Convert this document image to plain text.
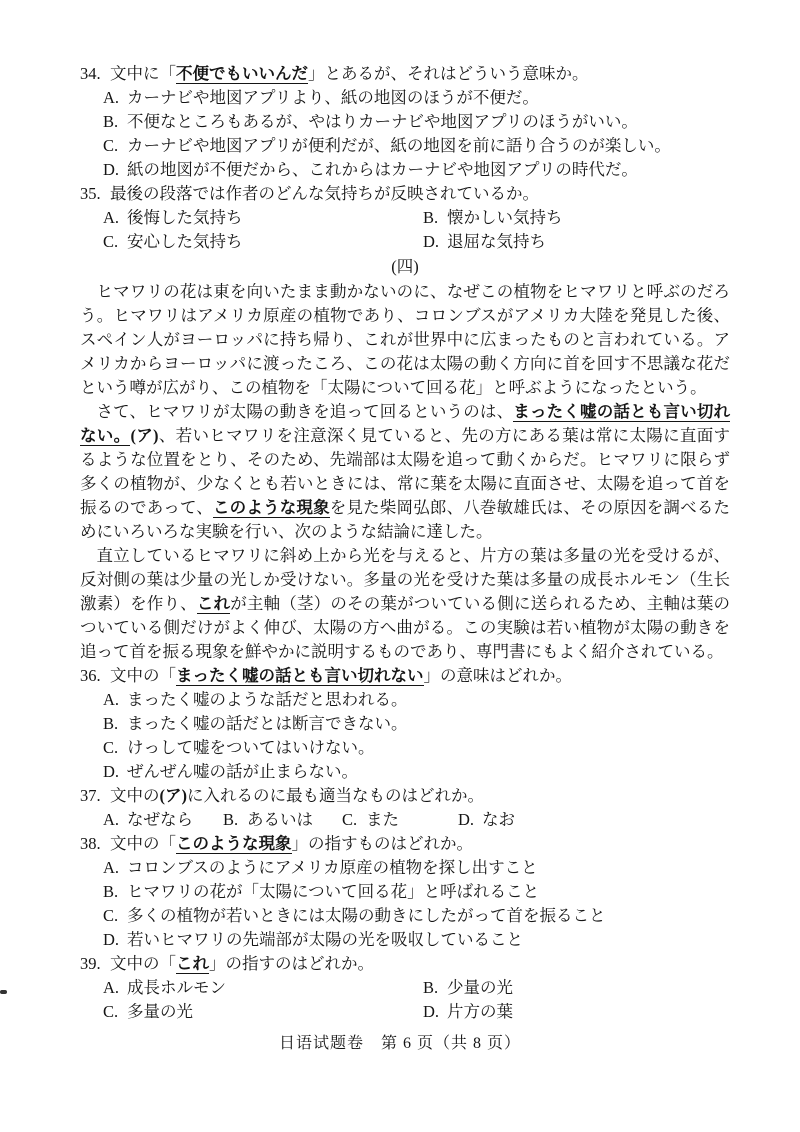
34. 文中に「不便でもいいんだ」とあるが、それはどういう意味か。
A. カーナビや地図アプリより、紙の地図のほうが不便だ。
B. 不便なところもあるが、やはりカーナビや地図アプリのほうがいい。
C. カーナビや地図アプリが便利だが、紙の地図を前に語り合うのが楽しい。
D. 紙の地図が不便だから、これからはカーナビや地図アプリの時代だ。
35. 最後の段落では作者のどんな気持ちが反映されているか。
A. 後悔した気持ち	B. 懐かしい気持ち
C. 安心した気持ち	D. 退屈な気持ち
(四)

ヒマワリの花は東を向いたまま動かないのに、なぜこの植物をヒマワリと呼ぶのだろう。ヒマワリはアメリカ原産の植物であり、コロンブスがアメリカ大陸を発見した後、スペイン人がヨーロッパに持ち帰り、これが世界中に広まったものと言われている。アメリカからヨーロッパに渡ったころ、この花は太陽の動く方向に首を回す不思議な花だという噂が広がり、この植物を「太陽について回る花」と呼ぶようになったという。

さて、ヒマワリが太陽の動きを追って回るというのは、まったく嘘の話とも言い切れない。(ア)、若いヒマワリを注意深く見ていると、先の方にある葉は常に太陽に直面するような位置をとり、そのため、先端部は太陽を追って動くからだ。ヒマワリに限らず多くの植物が、少なくとも若いときには、常に葉を太陽に直面させ、太陽を追って首を振るのであって、このような現象を見た柴岡弘郎、八巻敏雄氏は、その原因を調べるためにいろいろな実験を行い、次のような結論に達した。

直立しているヒマワリに斜め上から光を与えると、片方の葉は多量の光を受けるが、反対側の葉は少量の光しか受けない。多量の光を受けた葉は多量の成長ホルモン（生长激素）を作り、これが主軸（茎）のその葉がついている側に送られるため、主軸は葉のついている側だけがよく伸び、太陽の方へ曲がる。この実験は若い植物が太陽の動きを追って首を振る現象を鮮やかに説明するものであり、専門書にもよく紹介されている。

36. 文中の「まったく嘘の話とも言い切れない」の意味はどれか。
A. まったく嘘のような話だと思われる。
B. まったく嘘の話だとは断言できない。
C. けっして嘘をついてはいけない。
D. ぜんぜん嘘の話が止まらない。
37. 文中の(ア)に入れるのに最も適当なものはどれか。
A. なぜなら	B. あるいは	C. また	D. なお
38. 文中の「このような現象」の指すものはどれか。
A. コロンブスのようにアメリカ原産の植物を探し出すこと
B. ヒマワリの花が「太陽について回る花」と呼ばれること
C. 多くの植物が若いときには太陽の動きにしたがって首を振ること
D. 若いヒマワリの先端部が太陽の光を吸収していること
39. 文中の「これ」の指すのはどれか。
A. 成長ホルモン	B. 少量の光
C. 多量の光	D. 片方の葉
日语试题卷　第 6 页（共 8 页）
